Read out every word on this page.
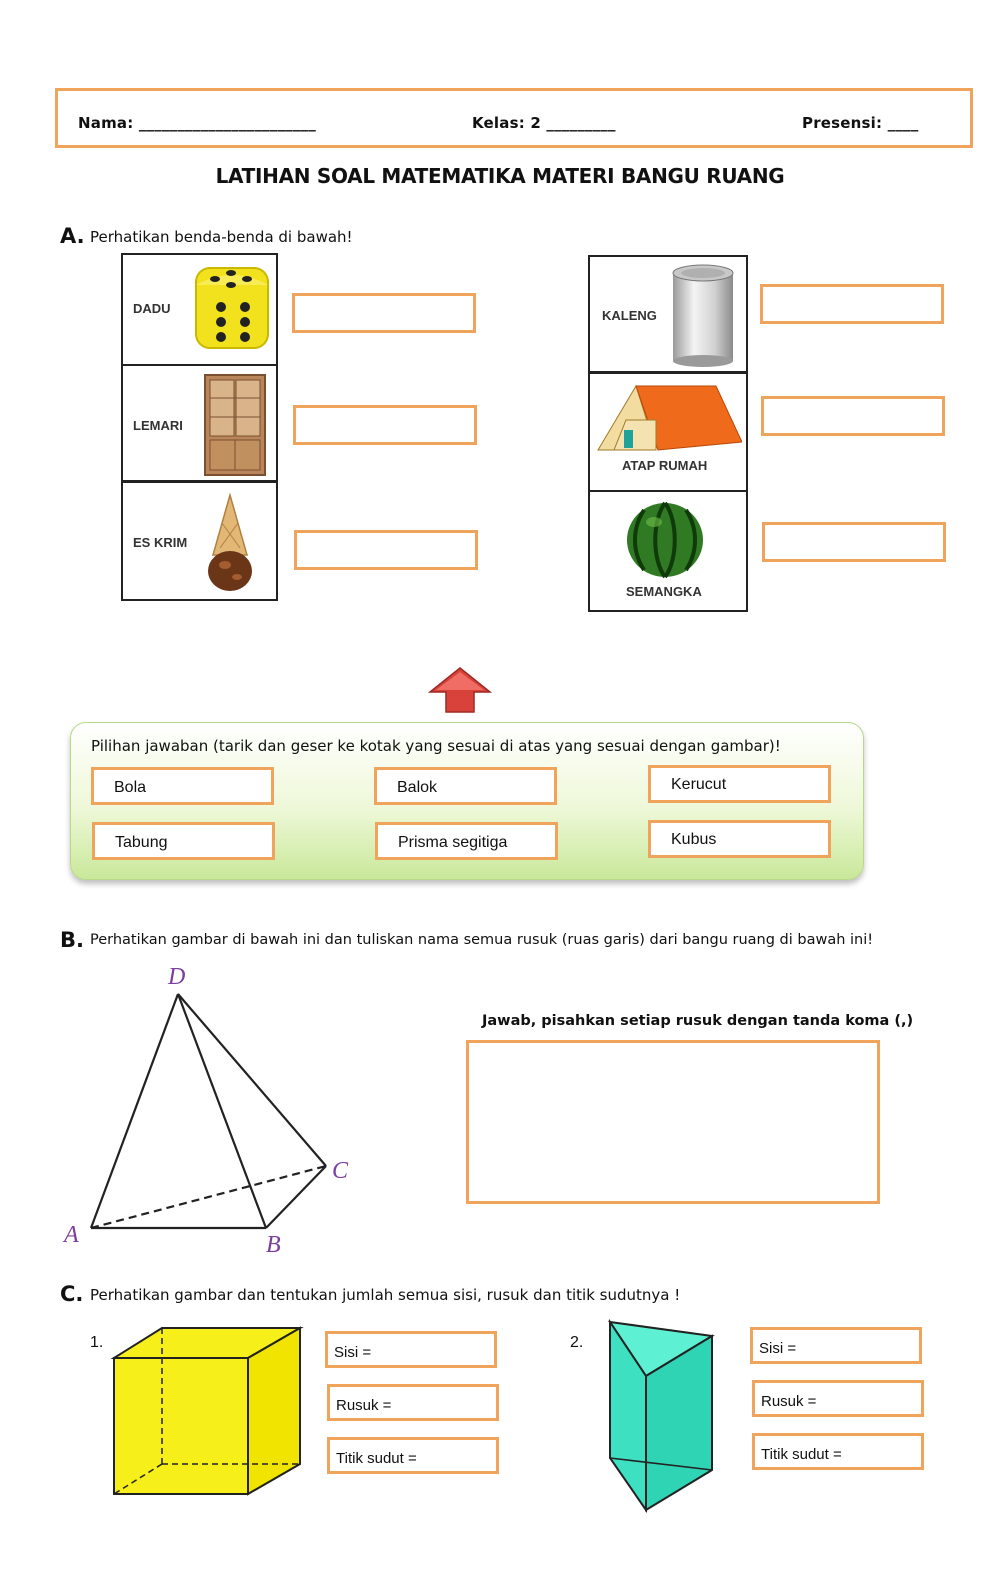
Nama: _______________________	Kelas: 2 _________	Presensi: ____
LATIHAN SOAL MATEMATIKA MATERI BANGU RUANG
A. Perhatikan benda-benda di bawah!
DADU
LEMARI
ES KRIM
KALENG
ATAP RUMAH
SEMANGKA
Pilihan jawaban (tarik dan geser ke kotak yang sesuai di atas yang sesuai dengan gambar)!
Bola	Balok	Kerucut
Tabung	Prisma segitiga	Kubus
B. Perhatikan gambar di bawah ini dan tuliskan nama semua rusuk (ruas garis) dari bangu ruang di bawah ini!
D
C
A	B
Jawab, pisahkan setiap rusuk dengan tanda koma (,)
C. Perhatikan gambar dan tentukan jumlah semua sisi, rusuk dan titik sudutnya !
1.
Sisi =
Rusuk =
Titik sudut =
2.	Sisi =
Rusuk =
Titik sudut =
